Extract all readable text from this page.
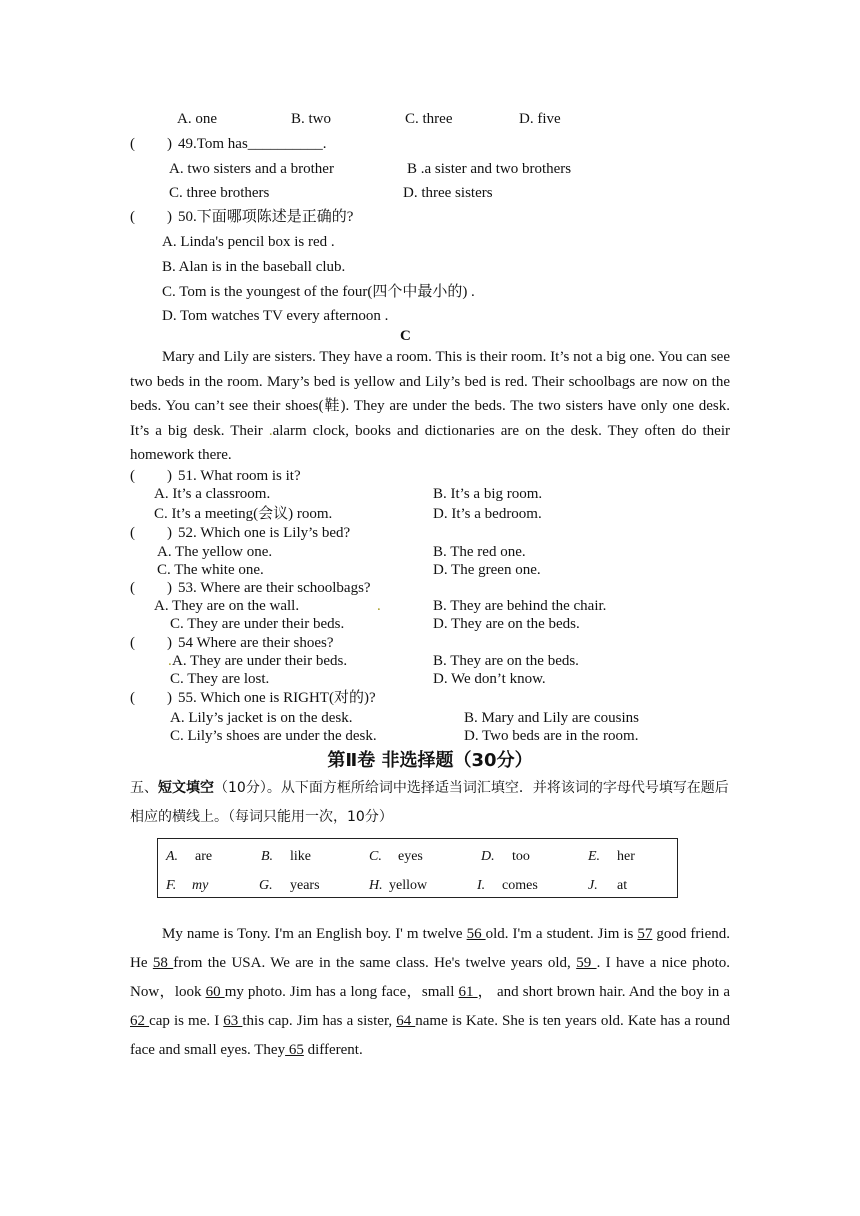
A. one	B. two	C. three	D. five
( ) 49.Tom has__________.
A. two sisters and a brother	B .a sister and two brothers
C. three brothers	D. three sisters
( ) 50.下面哪项陈述是正确的?
A. Linda's pencil box is red .
B. Alan is in the baseball club.
C. Tom is the youngest of the four(四个中最小的) .
D. Tom watches TV every afternoon .
C

Mary and Lily are sisters. They have a room. This is their room. It’s not a big one. You can see two beds in the room. Mary’s bed is yellow and Lily’s bed is red. Their schoolbags are now on the beds. You can’t see their shoes(鞋). They are under the beds. The two sisters have only one desk. It’s a big desk. Their .alarm clock, books and dictionaries are on the desk. They often do their homework there.

( ) 51. What room is it?
A. It’s a classroom.	B. It’s a big room.
C. It’s a meeting(会议) room.	D. It’s a bedroom.
( ) 52. Which one is Lily’s bed?
A. The yellow one.	B. The red one.
C. The white one.	D. The green one.
( ) 53. Where are their schoolbags?
A. They are on the wall.	.	B. They are behind the chair.
C. They are under their beds.	D. They are on the beds.
( ) 54 Where are their shoes?
. A. They are under their beds.	B. They are on the beds.
C. They are lost.	D. We don’t know.
( ) 55. Which one is RIGHT(对的)?
A. Lily’s jacket is on the desk.	B. Mary and Lily are cousins
C. Lily’s shoes are under the desk.	D. Two beds are in the room.
第Ⅱ卷 非选择题（30分）
五、短文填空（10分）。从下面方框所给词中选择适当词汇填空．并将该词的字母代号填写在题后相应的横线上。（每词只能用一次，10分）
A. are	B. like	C. eyes	D. too	E. her
F. my	G. years	H. yellow	I. comes	J. at
My name is Tony. I'm an English boy. I' m twelve 56 old. I'm a student. Jim is 57 good friend. He 58 from the USA. We are in the same class. He's twelve years old, 59 . I have a nice photo. Now，look 60 my photo. Jim has a long face，small 61 ， and short brown hair. And the boy in a 62 cap is me. I 63 this cap. Jim has a sister, 64 name is Kate. She is ten years old. Kate has a round face and small eyes. They 65 different.
